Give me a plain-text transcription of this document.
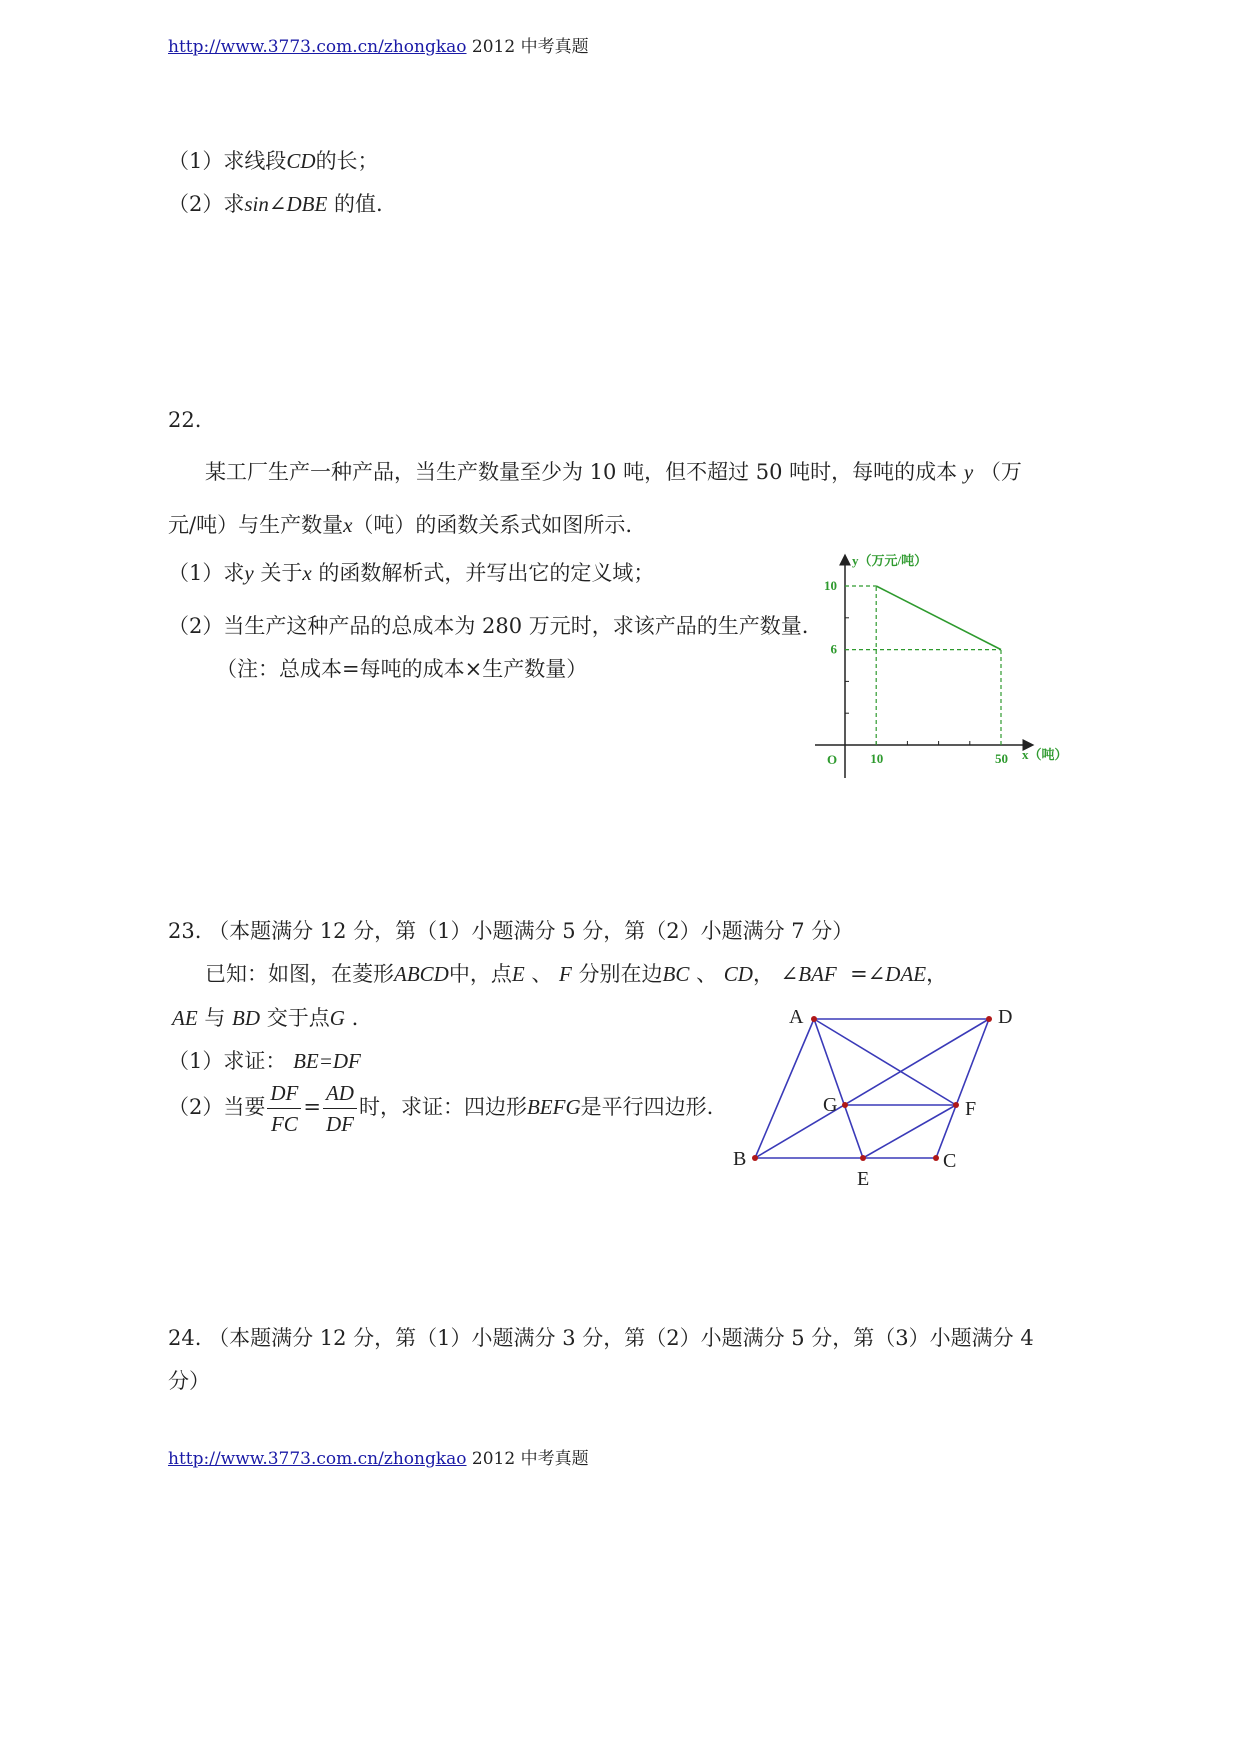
http://www.3773.com.cn/zhongkao 2012 中考真题
（1）求线段CD的长；
（2）求sin∠DBE 的值.
22.
某工厂生产一种产品，当生产数量至少为 10 吨，但不超过 50 吨时，每吨的成本 y （万
元/吨）与生产数量x（吨）的函数关系式如图所示.
（1）求y 关于x 的函数解析式，并写出它的定义域；
（2）当生产这种产品的总成本为 280 万元时，求该产品的生产数量.
（注：总成本=每吨的成本×生产数量）
10	50
10
6
y（万元/吨）
x（吨）
O
23. （本题满分 12 分，第（1）小题满分 5 分，第（2）小题满分 7 分）
已知：如图，在菱形ABCD中，点E 、 F 分别在边BC 、 CD， ∠BAF =∠DAE，
AE 与 BD 交于点G .
（1）求证： BE=DF
（2）当要 $\frac{DF}{FC} = \frac{AD}{DF}$ 时，求证：四边形BEFG是平行四边形.
A	D
G	F
B
E
C
24. （本题满分 12 分，第（1）小题满分 3 分，第（2）小题满分 5 分，第（3）小题满分 4
分）
http://www.3773.com.cn/zhongkao 2012 中考真题
